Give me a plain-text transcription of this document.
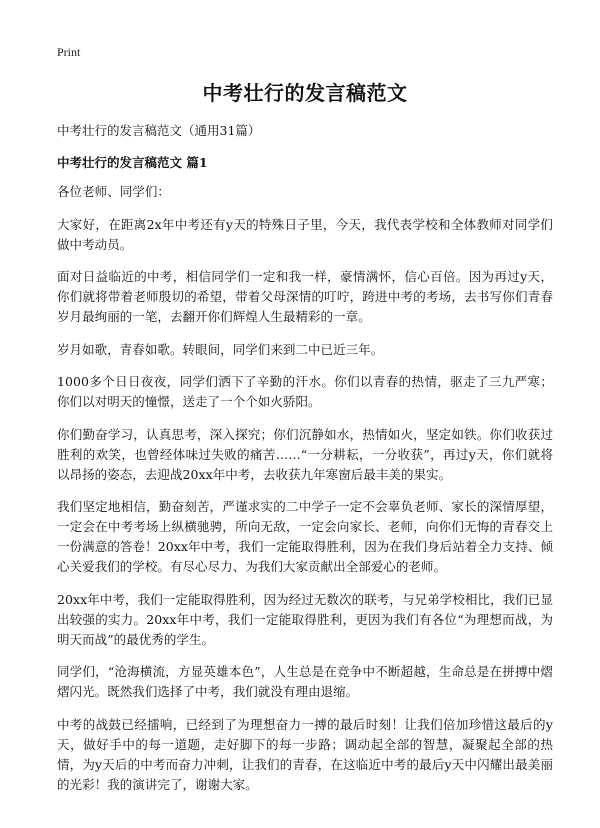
Print
中考壮行的发言稿范文

中考壮行的发言稿范文（通用31篇）

中考壮行的发言稿范文 篇1

各位老师、同学们：

大家好，在距离2x年中考还有y天的特殊日子里，今天，我代表学校和全体教师对同学们做中考动员。

面对日益临近的中考，相信同学们一定和我一样，豪情满怀，信心百倍。因为再过y天，你们就将带着老师殷切的希望，带着父母深情的叮咛，跨进中考的考场，去书写你们青春岁月最绚丽的一笔，去翻开你们辉煌人生最精彩的一章。

岁月如歌，青春如歌。转眼间，同学们来到二中已近三年。

1000多个日日夜夜，同学们洒下了辛勤的汗水。你们以青春的热情，驱走了三九严寒；你们以对明天的憧憬，送走了一个个如火骄阳。

你们勤奋学习，认真思考，深入探究；你们沉静如水，热情如火，坚定如铁。你们收获过胜利的欢笑，也曾经体味过失败的痛苦……“一分耕耘，一分收获”，再过y天，你们就将以昂扬的姿态，去迎战20xx年中考，去收获九年寒窗后最丰美的果实。

我们坚定地相信，勤奋刻苦，严谨求实的二中学子一定不会辜负老师、家长的深情厚望，一定会在中考考场上纵横驰骋，所向无敌，一定会向家长、老师，向你们无悔的青春交上一份满意的答卷！20xx年中考，我们一定能取得胜利，因为在我们身后站着全力支持、倾心关爱我们的学校。有尽心尽力、为我们大家贡献出全部爱心的老师。

20xx年中考，我们一定能取得胜利，因为经过无数次的联考，与兄弟学校相比，我们已显出较强的实力。20xx年中考，我们一定能取得胜利，更因为我们有各位“为理想而战，为明天而战”的最优秀的学生。

同学们，“沧海横流，方显英雄本色”，人生总是在竞争中不断超越，生命总是在拼搏中熠熠闪光。既然我们选择了中考，我们就没有理由退缩。

中考的战鼓已经擂响，已经到了为理想奋力一搏的最后时刻！让我们倍加珍惜这最后的y天，做好手中的每一道题，走好脚下的每一步路；调动起全部的智慧，凝聚起全部的热情，为y天后的中考而奋力冲刺，让我们的青春，在这临近中考的最后y天中闪耀出最美丽的光彩！我的演讲完了，谢谢大家。
